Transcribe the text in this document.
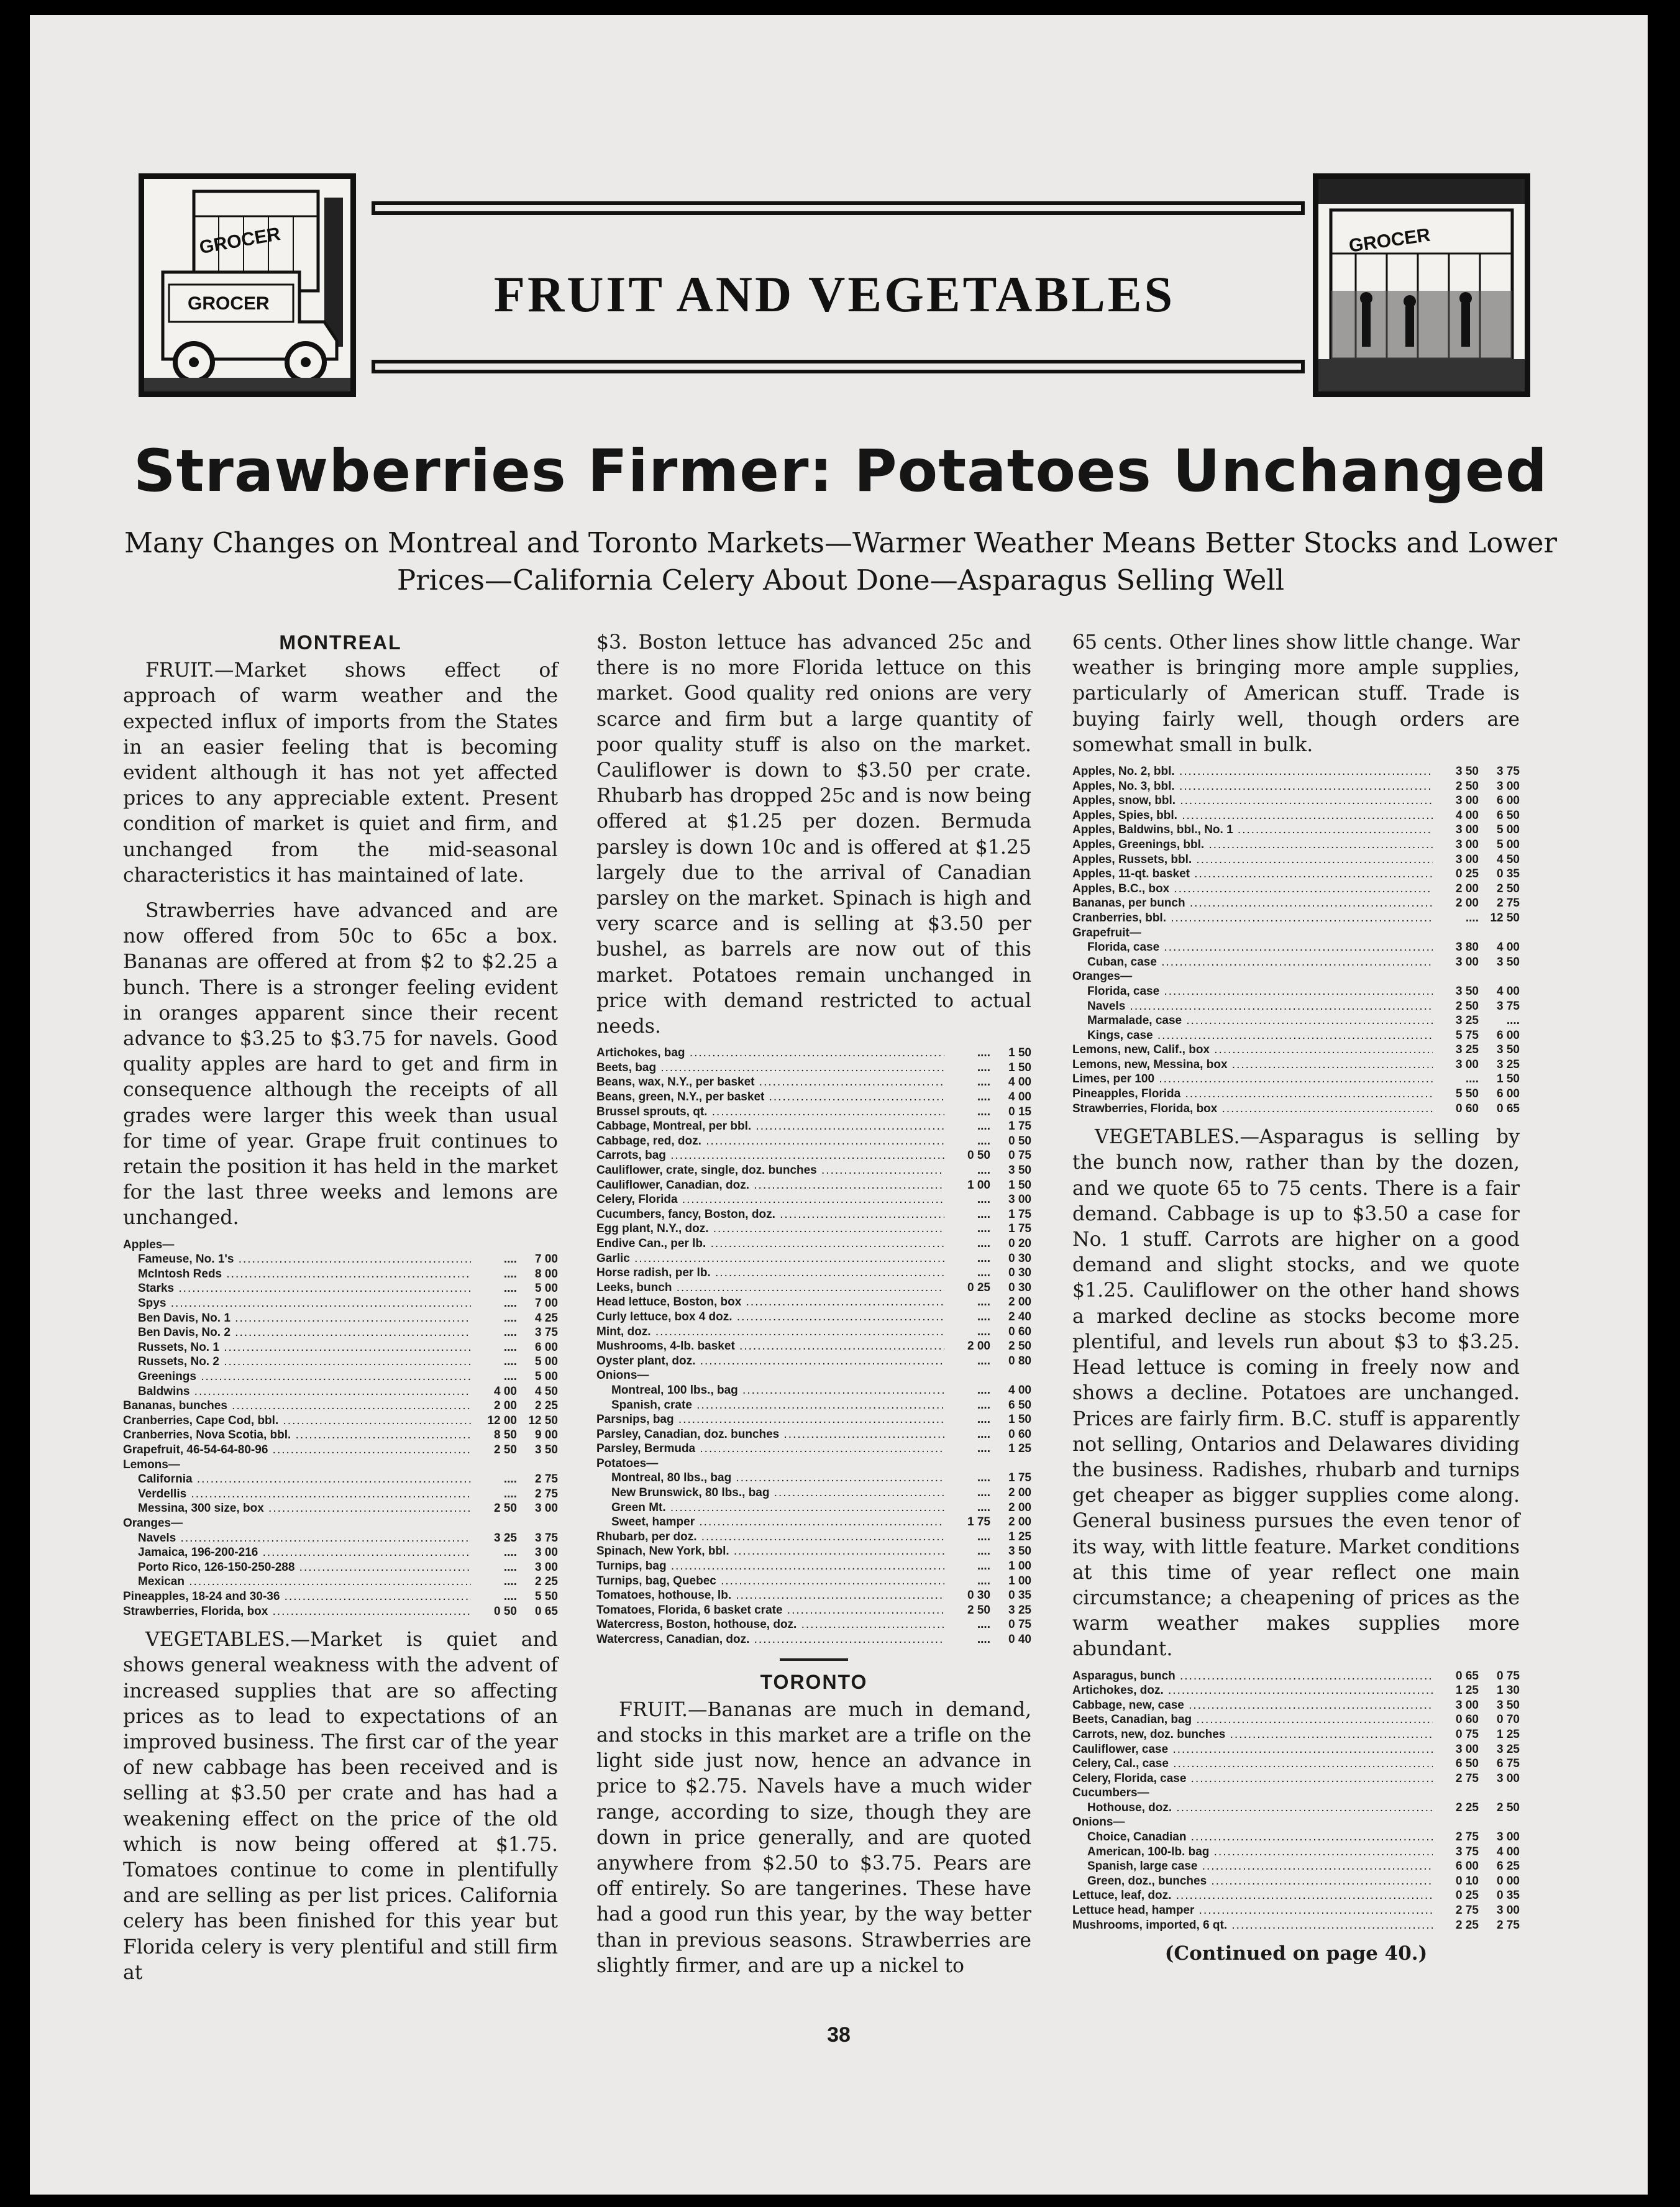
GROCER
GROCER	FRUIT AND VEGETABLES
GROCER
Strawberries Firmer: Potatoes Unchanged
Many Changes on Montreal and Toronto Markets—Warmer Weather Means Better Stocks and Lower Prices—California Celery About Done—Asparagus Selling Well
MONTREAL

FRUIT.—Market shows effect of approach of warm weather and the expected influx of imports from the States in an easier feeling that is becoming evident although it has not yet affected prices to any appreciable extent. Present condition of market is quiet and firm, and unchanged from the mid-seasonal characteristics it has maintained of late.

Strawberries have advanced and are now offered from 50c to 65c a box. Bananas are offered at from $2 to $2.25 a bunch. There is a stronger feeling evident in oranges apparent since their recent advance to $3.25 to $3.75 for navels. Good quality apples are hard to get and firm in consequence although the receipts of all grades were larger this week than usual for time of year. Grape fruit continues to retain the position it has held in the market for the last three weeks and lemons are unchanged.

Apples—
Fameuse, No. 1's .....	....	7 00
McIntosh Reds .....	....	8 00
Starks .....	....	5 00
Spys .....	....	7 00
Ben Davis, No. 1 .....	....	4 25
Ben Davis, No. 2 .....	....	3 75
Russets, No. 1 .....	....	6 00
Russets, No. 2 .....	....	5 00
Greenings .....	....	5 00
Baldwins .....	4 00	4 50
Bananas, bunches .....	2 00	2 25
Cranberries, Cape Cod, bbl. .....	12 00 12 50
Cranberries, Nova Scotia, bbl. .....	8 50	9 00
Grapefruit, 46-54-64-80-96 .....	2 50	3 50
Lemons—
California .....	....	2 75
Verdellis .....	....	2 75
Messina, 300 size, box .....	2 50	3 00
Oranges—
Navels .....	3 25	3 75
Jamaica, 196-200-216 .....	....	3 00
Porto Rico, 126-150-250-288 .....	....	3 00
Mexican .....	....	2 25
Pineapples, 18-24 and 30-36 .....	....	5 50
Strawberries, Florida, box .....	0 50	0 65

VEGETABLES.—Market is quiet and shows general weakness with the advent of increased supplies that are so affecting prices as to lead to expectations of an improved business. The first car of the year of new cabbage has been received and is selling at $3.50 per crate and has had a weakening effect on the price of the old which is now being offered at $1.75. Tomatoes continue to come in plentifully and are selling as per list prices. California celery has been finished for this year but Florida celery is very plentiful and still firm at

$3. Boston lettuce has advanced 25c and there is no more Florida lettuce on this market. Good quality red onions are very scarce and firm but a large quantity of poor quality stuff is also on the market. Cauliflower is down to $3.50 per crate. Rhubarb has dropped 25c and is now being offered at $1.25 per dozen. Bermuda parsley is down 10c and is offered at $1.25 largely due to the arrival of Canadian parsley on the market. Spinach is high and very scarce and is selling at $3.50 per bushel, as barrels are now out of this market. Potatoes remain unchanged in price with demand restricted to actual needs.

Artichokes, bag .....	....	1 50
Beets, bag .....	....	1 50
Beans, wax, N.Y., per basket .....	....	4 00
Beans, green, N.Y., per basket .....	....	4 00
Brussel sprouts, qt. .....	....	0 15
Cabbage, Montreal, per bbl. .....	....	1 75
Cabbage, red, doz. .....	....	0 50
Carrots, bag .....	0 50	0 75
Cauliflower, crate, single, doz. bunches .....	....	3 50
Cauliflower, Canadian, doz. .....	1 00	1 50
Celery, Florida .....	....	3 00
Cucumbers, fancy, Boston, doz. .....	....	1 75
Egg plant, N.Y., doz. .....	....	1 75
Endive Can., per lb. .....	....	0 20
Garlic .....	....	0 30
Horse radish, per lb. .....	....	0 30
Leeks, bunch .....	0 25	0 30
Head lettuce, Boston, box .....	....	2 00
Curly lettuce, box 4 doz. .....	....	2 40
Mint, doz. .....	....	0 60
Mushrooms, 4-lb. basket .....	2 00	2 50
Oyster plant, doz. .....	....	0 80
Onions—
Montreal, 100 lbs., bag .....	....	4 00
Spanish, crate .....	....	6 50
Parsnips, bag .....	....	1 50
Parsley, Canadian, doz. bunches .....	....	0 60
Parsley, Bermuda .....	....	1 25
Potatoes—
Montreal, 80 lbs., bag .....	....	1 75
New Brunswick, 80 lbs., bag .....	....	2 00
Green Mt. .....	....	2 00
Sweet, hamper .....	1 75	2 00
Rhubarb, per doz. .....	....	1 25
Spinach, New York, bbl. .....	....	3 50
Turnips, bag .....	....	1 00
Turnips, bag, Quebec .....	....	1 00
Tomatoes, hothouse, lb. .....	0 30	0 35
Tomatoes, Florida, 6 basket crate .....	2 50	3 25
Watercress, Boston, hothouse, doz. .....	....	0 75
Watercress, Canadian, doz. .....	....	0 40
TORONTO

FRUIT.—Bananas are much in demand, and stocks in this market are a trifle on the light side just now, hence an advance in price to $2.75. Navels have a much wider range, according to size, though they are down in price generally, and are quoted anywhere from $2.50 to $3.75. Pears are off entirely. So are tangerines. These have had a good run this year, by the way better than in previous seasons. Strawberries are slightly firmer, and are up a nickel to

65 cents. Other lines show little change. War weather is bringing more ample supplies, particularly of American stuff. Trade is buying fairly well, though orders are somewhat small in bulk.

Apples, No. 2, bbl. .....	3 50	3 75
Apples, No. 3, bbl. .....	2 50	3 00
Apples, snow, bbl. .....	3 00	6 00
Apples, Spies, bbl. .....	4 00	6 50
Apples, Baldwins, bbl., No. 1 .....	3 00	5 00
Apples, Greenings, bbl. .....	3 00	5 00
Apples, Russets, bbl. .....	3 00	4 50
Apples, 11-qt. basket .....	0 25	0 35
Apples, B.C., box .....	2 00	2 50
Bananas, per bunch .....	2 00	2 75
Cranberries, bbl. .....	.... 12 50
Grapefruit—
Florida, case .....	3 80	4 00
Cuban, case .....	3 00	3 50
Oranges—
Florida, case .....	3 50	4 00
Navels .....	2 50	3 75
Marmalade, case .....	3 25	....
Kings, case .....	5 75	6 00
Lemons, new, Calif., box .....	3 25	3 50
Lemons, new, Messina, box .....	3 00	3 25
Limes, per 100 .....	....	1 50
Pineapples, Florida .....	5 50	6 00
Strawberries, Florida, box .....	0 60	0 65

VEGETABLES.—Asparagus is selling by the bunch now, rather than by the dozen, and we quote 65 to 75 cents. There is a fair demand. Cabbage is up to $3.50 a case for No. 1 stuff. Carrots are higher on a good demand and slight stocks, and we quote $1.25. Cauliflower on the other hand shows a marked decline as stocks become more plentiful, and levels run about $3 to $3.25. Head lettuce is coming in freely now and shows a decline. Potatoes are unchanged. Prices are fairly firm. B.C. stuff is apparently not selling, Ontarios and Delawares dividing the business. Radishes, rhubarb and turnips get cheaper as bigger supplies come along. General business pursues the even tenor of its way, with little feature. Market conditions at this time of year reflect one main circumstance; a cheapening of prices as the warm weather makes supplies more abundant.

Asparagus, bunch .....	0 65	0 75
Artichokes, doz. .....	1 25	1 30
Cabbage, new, case .....	3 00	3 50
Beets, Canadian, bag .....	0 60	0 70
Carrots, new, doz. bunches .....	0 75	1 25
Cauliflower, case .....	3 00	3 25
Celery, Cal., case .....	6 50	6 75
Celery, Florida, case .....	2 75	3 00
Cucumbers—
Hothouse, doz. .....	2 25	2 50
Onions—
Choice, Canadian .....	2 75	3 00
American, 100-lb. bag .....	3 75	4 00
Spanish, large case .....	6 00	6 25
Green, doz., bunches .....	0 10	0 00
Lettuce, leaf, doz. .....	0 25	0 35
Lettuce head, hamper .....	2 75	3 00
Mushrooms, imported, 6 qt. .....	2 25	2 75
(Continued on page 40.)
38
